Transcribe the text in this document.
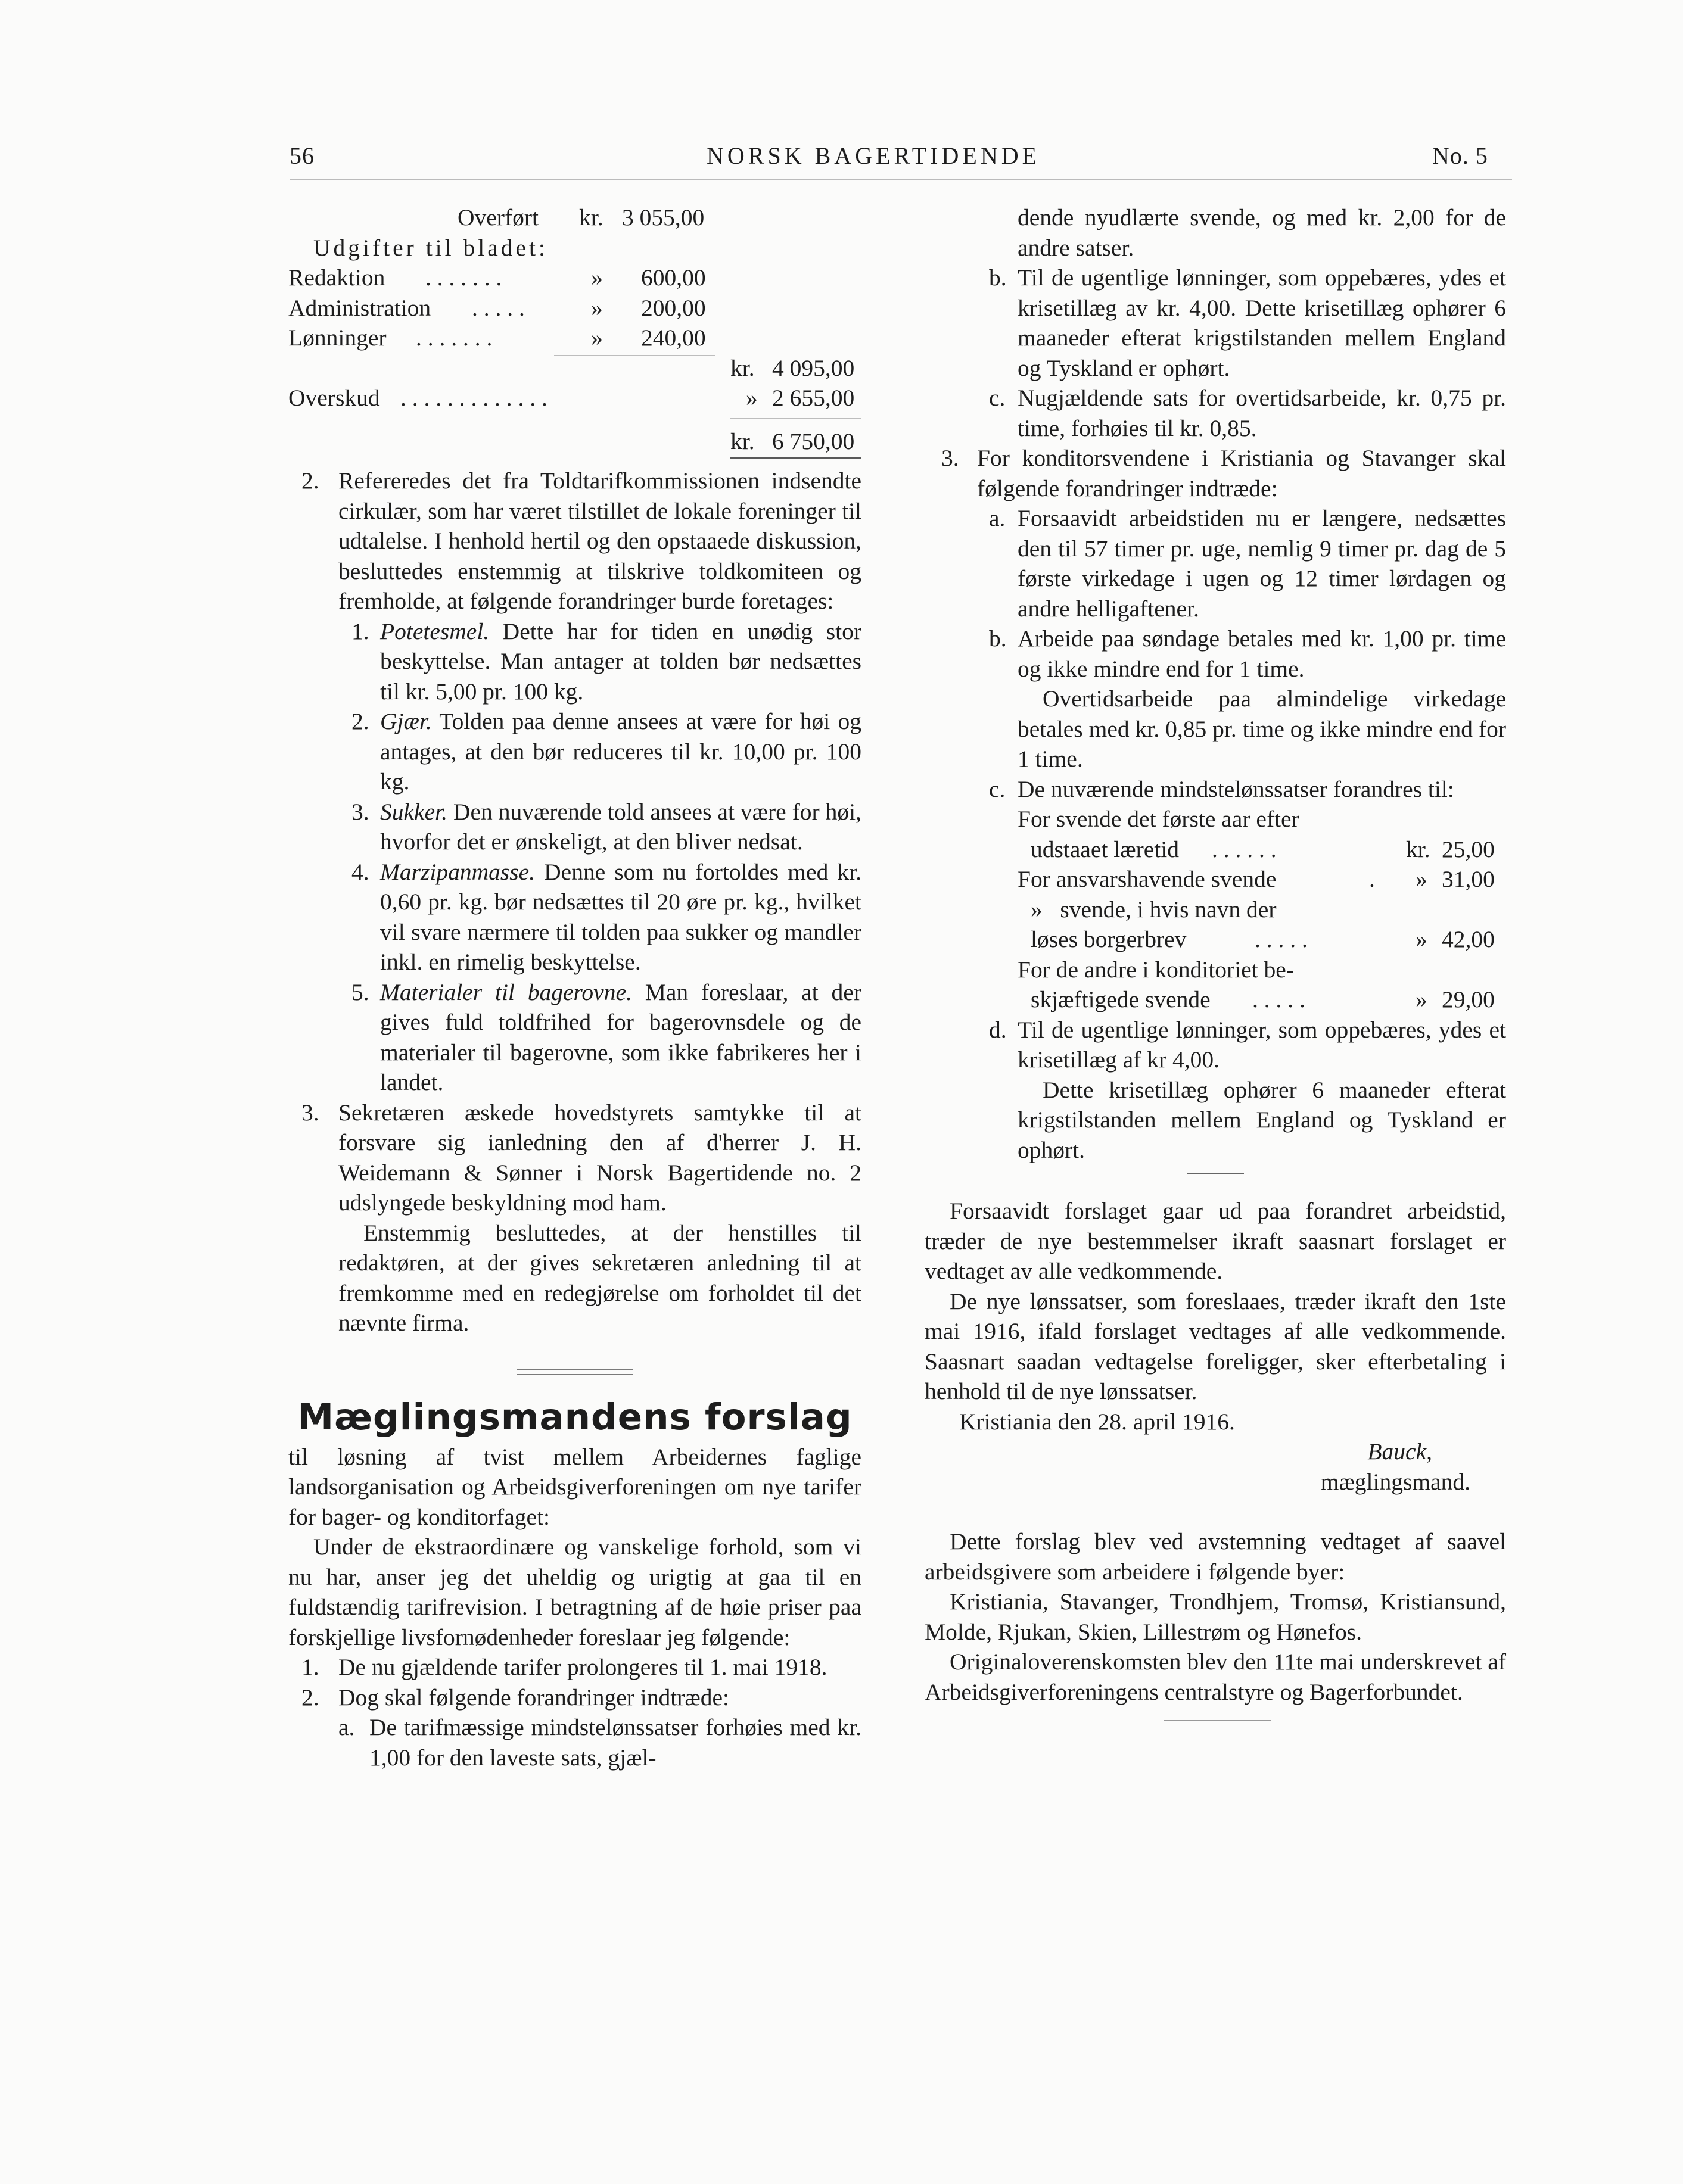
56	NORSK BAGERTIDENDE	No. 5
Overført kr. 3 055,00
Udgifter til bladet:
Redaktion . . . . . . .	» 600,00
Administration . . . . .	» 200,00
Lønninger . . . . . . .	» 240,00
kr. 4 095,00
Overskud . . . . . . . . . . . . .	» 2 655,00
kr. 6 750,00
2. Refereredes det fra Toldtarifkommissionen indsendte cirkulær, som har været tilstillet de lokale foreninger til udtalelse. I henhold hertil og den opstaaede diskussion, besluttedes enstemmig at tilskrive toldkomiteen og fremholde, at følgende forandringer burde foretages:
1. Potetesmel. Dette har for tiden en unødig stor beskyttelse. Man antager at tolden bør nedsættes til kr. 5,00 pr. 100 kg.
2. Gjær. Tolden paa denne ansees at være for høi og antages, at den bør reduceres til kr. 10,00 pr. 100 kg.
3. Sukker. Den nuværende told ansees at være for høi, hvorfor det er ønskeligt, at den bliver nedsat.
4. Marzipanmasse. Denne som nu fortoldes med kr. 0,60 pr. kg. bør nedsættes til 20 øre pr. kg., hvilket vil svare nærmere til tolden paa sukker og mandler inkl. en rimelig beskyttelse.
5. Materialer til bagerovne. Man foreslaar, at der gives fuld toldfrihed for bagerovnsdele og de materialer til bagerovne, som ikke fabrikeres her i landet.
3. Sekretæren æskede hovedstyrets samtykke til at forsvare sig ianledning den af d'herrer J. H. Weidemann & Sønner i Norsk Bagertidende no. 2 udslyngede beskyldning mod ham.

Enstemmig besluttedes, at der henstilles til redaktøren, at der gives sekretæren anledning til at fremkomme med en redegjørelse om forholdet til det nævnte firma.

Mæglingsmandens forslag

til løsning af tvist mellem Arbeidernes faglige landsorganisation og Arbeidsgiverforeningen om nye tarifer for bager- og konditorfaget:

Under de ekstraordinære og vanskelige forhold, som vi nu har, anser jeg det uheldig og urigtig at gaa til en fuldstændig tarifrevision. I betragtning af de høie priser paa forskjellige livsfornødenheder foreslaar jeg følgende:

1. De nu gjældende tarifer prolongeres til 1. mai 1918.
2. Dog skal følgende forandringer indtræde:
a. De tarifmæssige mindstelønssatser forhøies med kr. 1,00 for den laveste sats, gjæl-

dende nyudlærte svende, og med kr. 2,00 for de andre satser.

b. Til de ugentlige lønninger, som oppebæres, ydes et krisetillæg av kr. 4,00. Dette krisetillæg ophører 6 maaneder efterat krigstilstanden mellem England og Tyskland er ophørt.
c. Nugjældende sats for overtidsarbeide, kr. 0,75 pr. time, forhøies til kr. 0,85.
3. For konditorsvendene i Kristiania og Stavanger skal følgende forandringer indtræde:
a. Forsaavidt arbeidstiden nu er længere, nedsættes den til 57 timer pr. uge, nemlig 9 timer pr. dag de 5 første virkedage i ugen og 12 timer lørdagen og andre helligaftener.
b. Arbeide paa søndage betales med kr. 1,00 pr. time og ikke mindre end for 1 time.

Overtidsarbeide paa almindelige virkedage betales med kr. 0,85 pr. time og ikke mindre end for 1 time.

c. De nuværende mindstelønssatser forandres til:
For svende det første aar efter
udstaaet læretid . . . . . .	kr. 25,00
For ansvarshavende svende	. » 31,00
»   svende, i hvis navn der
løses borgerbrev	. . . . .	» 42,00
For de andre i konditoriet be-
skjæftigede svende . . . . .	» 29,00
d. Til de ugentlige lønninger, som oppebæres, ydes et krisetillæg af kr 4,00.

Dette krisetillæg ophører 6 maaneder efterat krigstilstanden mellem England og Tyskland er ophørt.

Forsaavidt forslaget gaar ud paa forandret arbeidstid, træder de nye bestemmelser ikraft saasnart forslaget er vedtaget av alle vedkommende.

De nye lønssatser, som foreslaaes, træder ikraft den 1ste mai 1916, ifald forslaget vedtages af alle vedkommende. Saasnart saadan vedtagelse foreligger, sker efterbetaling i henhold til de nye lønssatser.

Kristiania den 28. april 1916.

Bauck,

mæglingsmand.

Dette forslag blev ved avstemning vedtaget af saavel arbeidsgivere som arbeidere i følgende byer:

Kristiania, Stavanger, Trondhjem, Tromsø, Kristiansund, Molde, Rjukan, Skien, Lillestrøm og Hønefos.

Originaloverenskomsten blev den 11te mai underskrevet af Arbeidsgiverforeningens centralstyre og Bagerforbundet.
